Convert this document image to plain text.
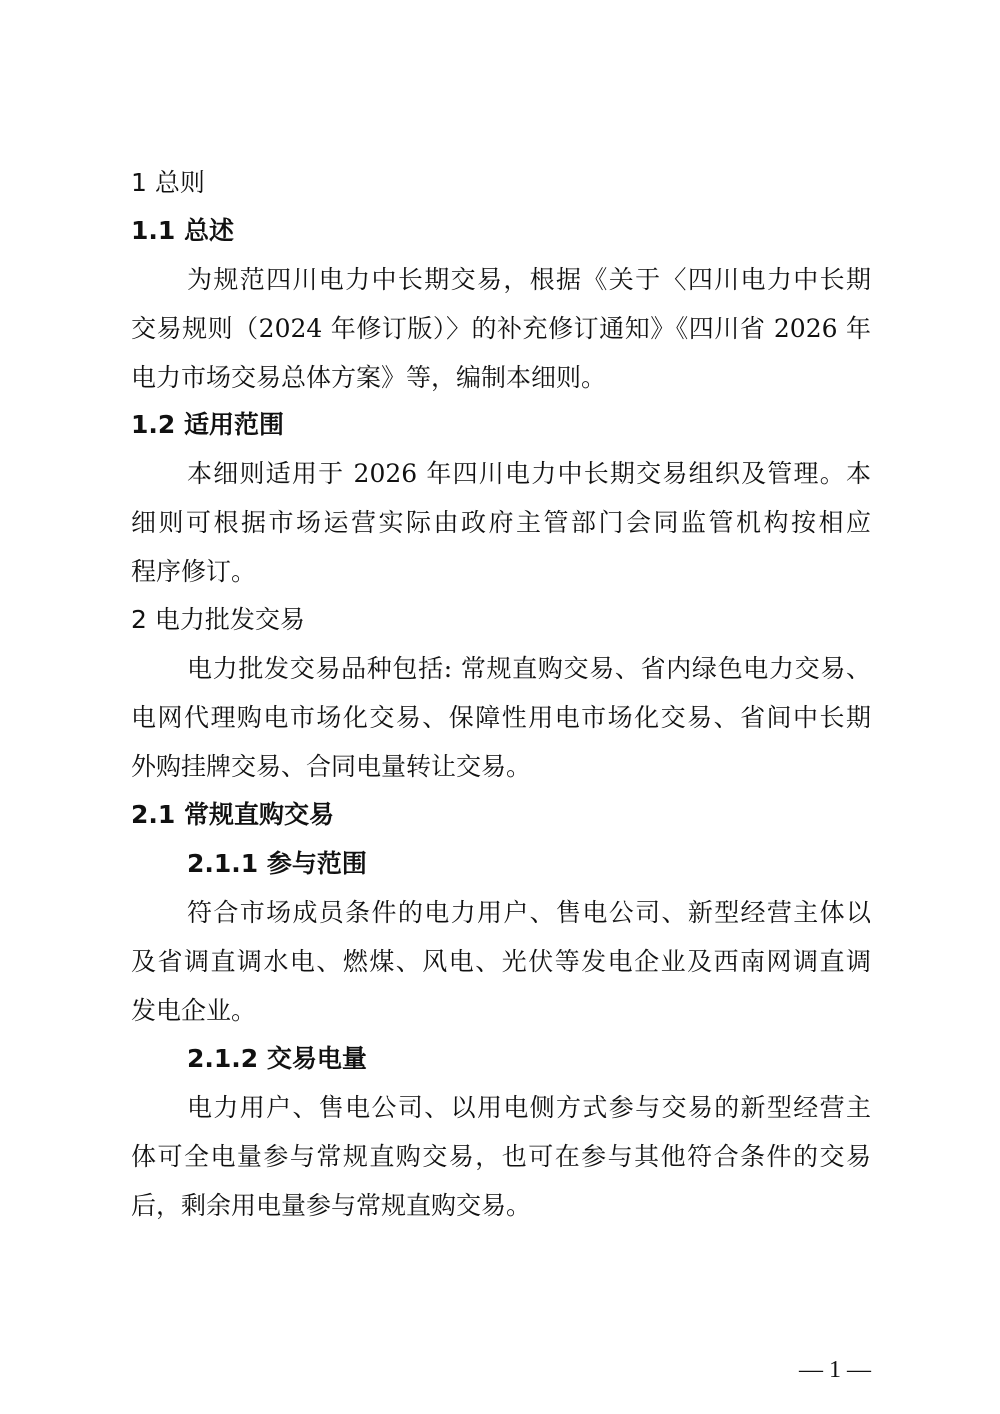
1 总则
1.1 总述
为规范四川电力中长期交易，根据《关于〈四川电力中长期
交易规则（2024 年修订版）〉的补充修订通知》《四川省 2026 年
电力市场交易总体方案》等，编制本细则。
1.2 适用范围
本细则适用于 2026 年四川电力中长期交易组织及管理。本
细则可根据市场运营实际由政府主管部门会同监管机构按相应
程序修订。
2 电力批发交易
电力批发交易品种包括: 常规直购交易、省内绿色电力交易、
电网代理购电市场化交易、保障性用电市场化交易、省间中长期
外购挂牌交易、合同电量转让交易。
2.1 常规直购交易
2.1.1 参与范围
符合市场成员条件的电力用户、售电公司、新型经营主体以
及省调直调水电、燃煤、风电、光伏等发电企业及西南网调直调
发电企业。
2.1.2 交易电量
电力用户、售电公司、以用电侧方式参与交易的新型经营主
体可全电量参与常规直购交易，也可在参与其他符合条件的交易
后，剩余用电量参与常规直购交易。
— 1 —
